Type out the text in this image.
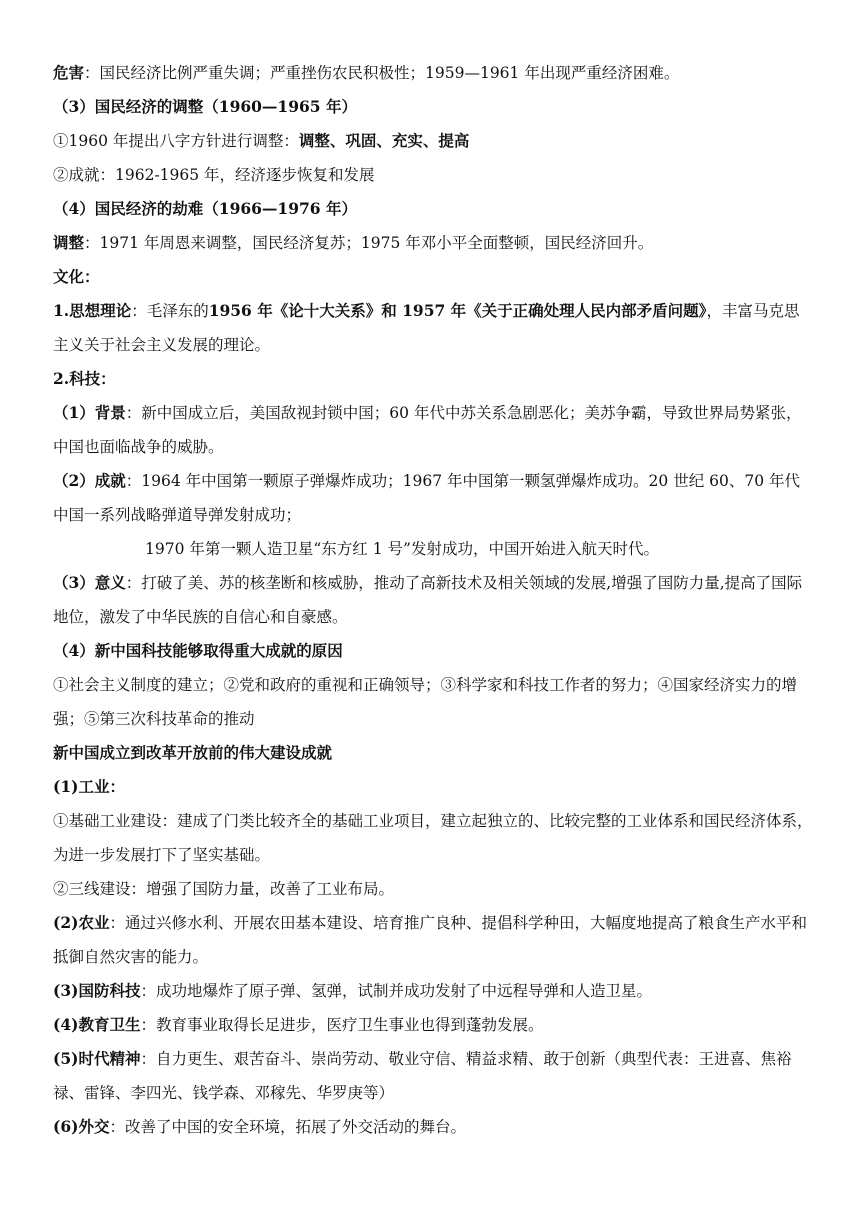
危害：国民经济比例严重失调；严重挫伤农民积极性；1959—1961 年出现严重经济困难。

（3）国民经济的调整（1960—1965 年）

①1960 年提出八字方针进行调整：调整、巩固、充实、提高

②成就：1962-1965 年，经济逐步恢复和发展

（4）国民经济的劫难（1966—1976 年）

调整：1971 年周恩来调整，国民经济复苏；1975 年邓小平全面整顿，国民经济回升。

文化：

1.思想理论：毛泽东的1956 年《论十大关系》和 1957 年《关于正确处理人民内部矛盾问题》，丰富马克思主义关于社会主义发展的理论。

2.科技：

（1）背景：新中国成立后，美国敌视封锁中国；60 年代中苏关系急剧恶化；美苏争霸，导致世界局势紧张，中国也面临战争的威胁。

（2）成就：1964 年中国第一颗原子弹爆炸成功；1967 年中国第一颗氢弹爆炸成功。20 世纪 60、70 年代中国一系列战略弹道导弹发射成功；

1970 年第一颗人造卫星“东方红 1 号”发射成功，中国开始进入航天时代。

（3）意义：打破了美、苏的核垄断和核威胁，推动了高新技术及相关领域的发展,增强了国防力量,提高了国际地位，激发了中华民族的自信心和自豪感。

（4）新中国科技能够取得重大成就的原因

①社会主义制度的建立；②党和政府的重视和正确领导；③科学家和科技工作者的努力；④国家经济实力的增强；⑤第三次科技革命的推动

新中国成立到改革开放前的伟大建设成就

(1)工业：

①基础工业建设：建成了门类比较齐全的基础工业项目，建立起独立的、比较完整的工业体系和国民经济体系，为进一步发展打下了坚实基础。

②三线建设：增强了国防力量，改善了工业布局。

(2)农业：通过兴修水利、开展农田基本建设、培育推广良种、提倡科学种田，大幅度地提高了粮食生产水平和抵御自然灾害的能力。

(3)国防科技：成功地爆炸了原子弹、氢弹，试制并成功发射了中远程导弹和人造卫星。

(4)教育卫生：教育事业取得长足进步，医疗卫生事业也得到蓬勃发展。

(5)时代精神：自力更生、艰苦奋斗、崇尚劳动、敬业守信、精益求精、敢于创新（典型代表：王进喜、焦裕禄、雷锋、李四光、钱学森、邓稼先、华罗庚等）

(6)外交：改善了中国的安全环境，拓展了外交活动的舞台。
